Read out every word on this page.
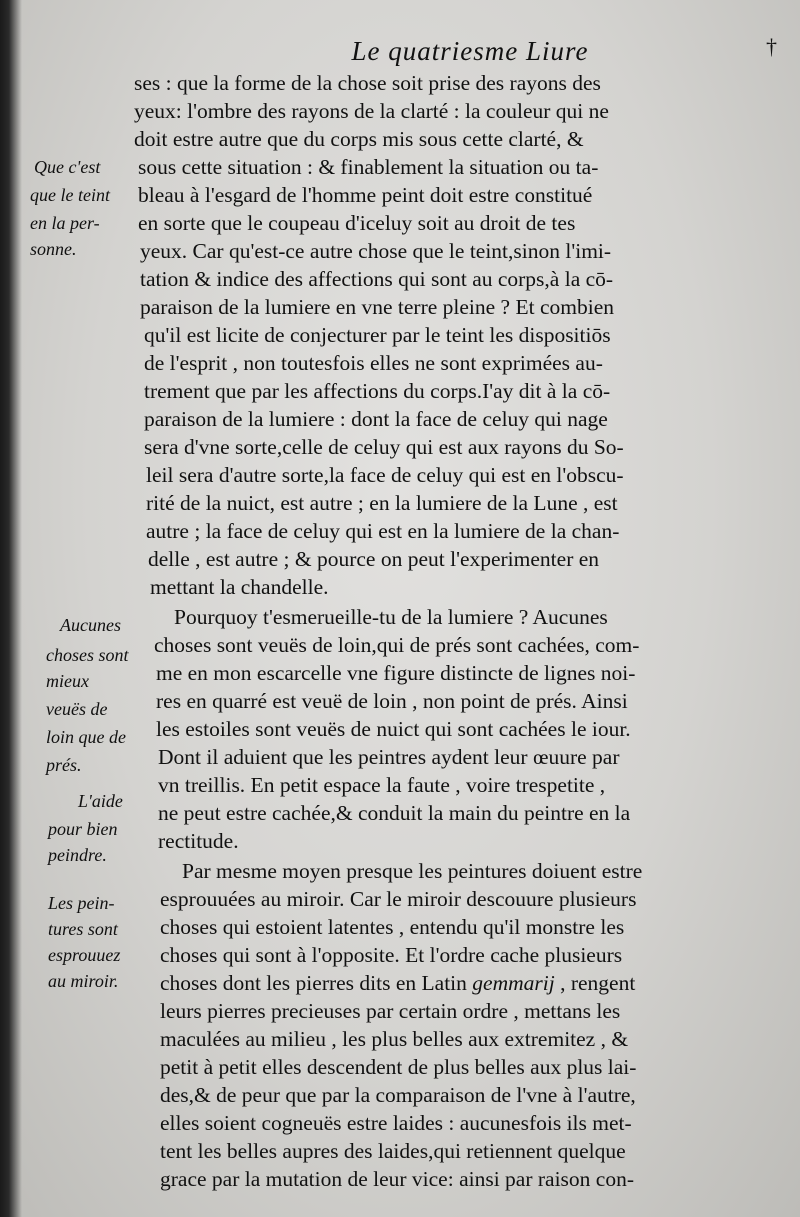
Le quatriesme Liure	†
ses : que la forme de la chose soit prise des rayons des
yeux: l'ombre des rayons de la clarté : la couleur qui ne
doit estre autre que du corps mis sous cette clarté, &
sous cette situation : & finablement la situation ou ta-
bleau à l'esgard de l'homme peint doit estre constitué
en sorte que le coupeau d'iceluy soit au droit de tes
yeux. Car qu'est-ce autre chose que le teint,sinon l'imi-
tation & indice des affections qui sont au corps,à la cō-
paraison de la lumiere en vne terre pleine ? Et combien
qu'il est licite de conjecturer par le teint les dispositiōs
de l'esprit , non toutesfois elles ne sont exprimées au-
trement que par les affections du corps.I'ay dit à la cō-
paraison de la lumiere : dont la face de celuy qui nage
sera d'vne sorte,celle de celuy qui est aux rayons du So-
leil sera d'autre sorte,la face de celuy qui est en l'obscu-
rité de la nuict, est autre ; en la lumiere de la Lune , est
autre ; la face de celuy qui est en la lumiere de la chan-
delle , est autre ; & pource on peut l'experimenter en
mettant la chandelle.
Pourquoy t'esmerueille-tu de la lumiere ? Aucunes
choses sont veuës de loin,qui de prés sont cachées, com-
me en mon escarcelle vne figure distincte de lignes noi-
res en quarré est veuë de loin , non point de prés. Ainsi
les estoiles sont veuës de nuict qui sont cachées le iour.
Dont il aduient que les peintres aydent leur œuure par
vn treillis. En petit espace la faute , voire trespetite ,
ne peut estre cachée,& conduit la main du peintre en la
rectitude.
Par mesme moyen presque les peintures doiuent estre
esprouuées au miroir. Car le miroir descouure plusieurs
choses qui estoient latentes , entendu qu'il monstre les
choses qui sont à l'opposite. Et l'ordre cache plusieurs
choses dont les pierres dits en Latin gemmarij , rengent
leurs pierres precieuses par certain ordre , mettans les
maculées au milieu , les plus belles aux extremitez , &
petit à petit elles descendent de plus belles aux plus lai-
des,& de peur que par la comparaison de l'vne à l'autre,
elles soient cogneuës estre laides : aucunesfois ils met-
tent les belles aupres des laides,qui retiennent quelque
grace par la mutation de leur vice: ainsi par raison con-
Que c'est
que le teint
en la per-
sonne.
Aucunes
choses sont
mieux
veuës de
loin que de
prés.
L'aide
pour bien
peindre.
Les pein-
tures sont
esprouuez
au miroir.
